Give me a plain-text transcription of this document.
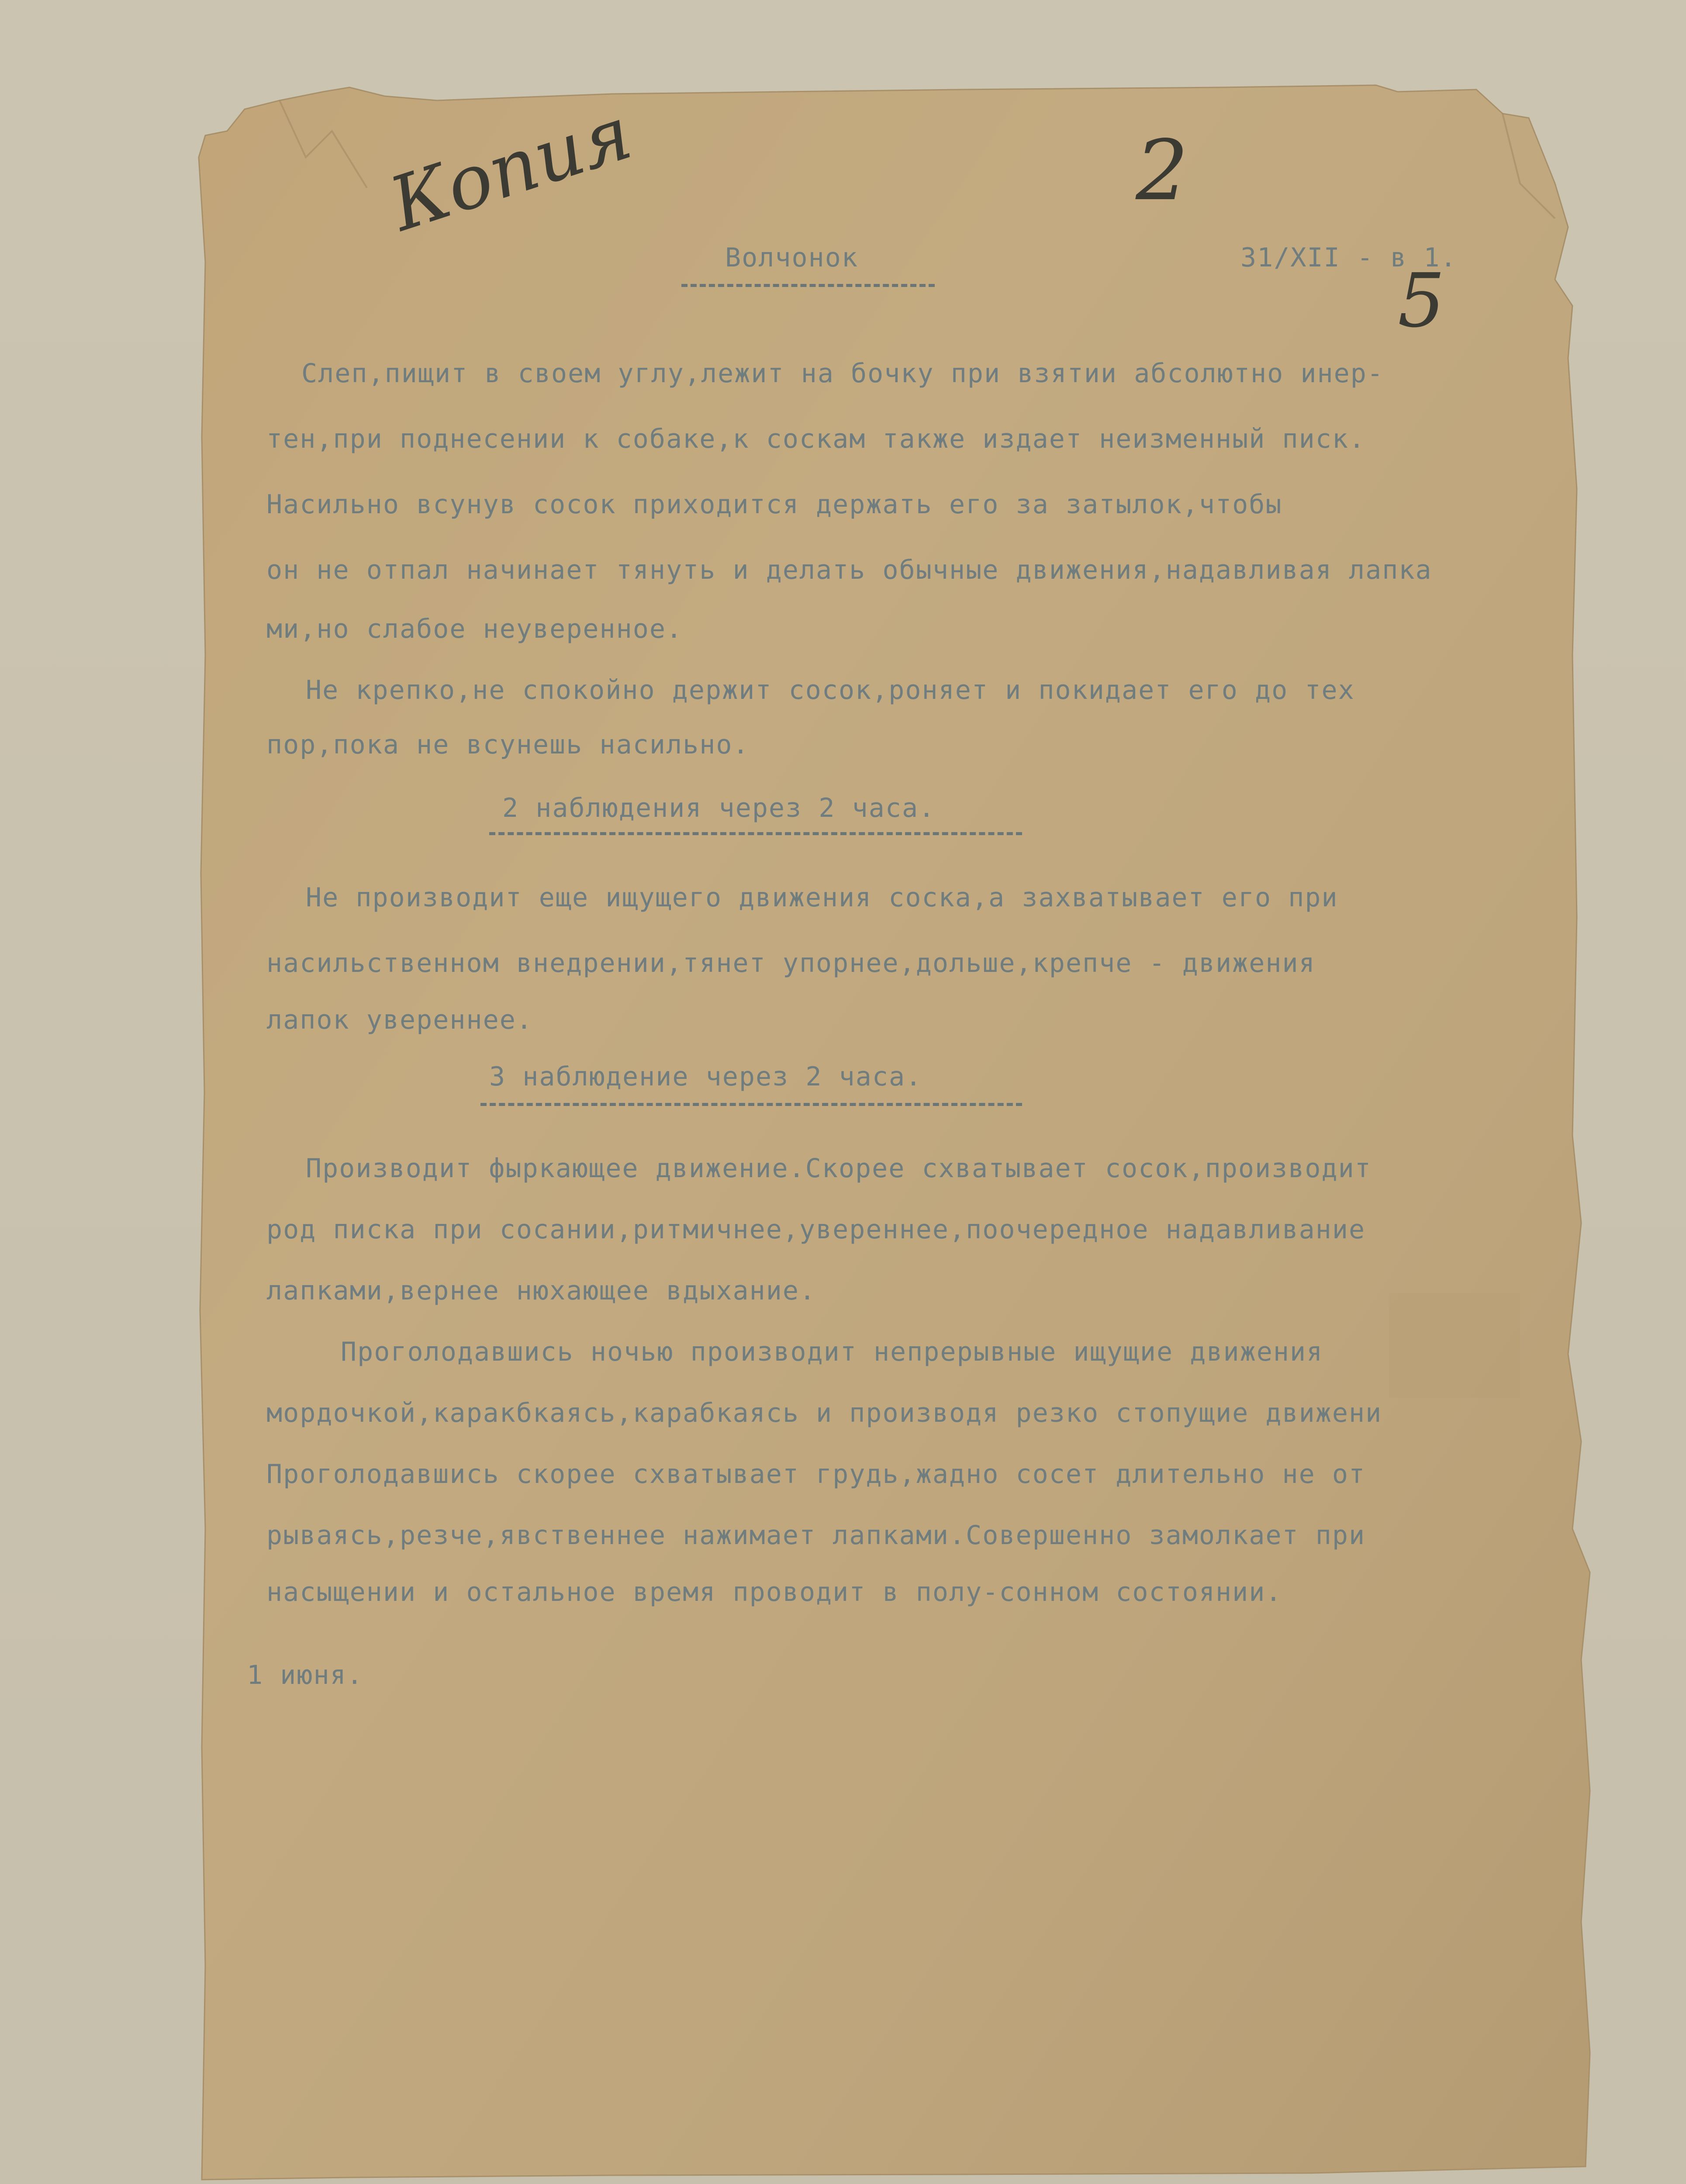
Копия	2
5
Волчонок	31/XII - в 1.
Слеп,пищит в своем углу,лежит на бочку при взятии абсолютно инер-
тен,при поднесении к собаке,к соскам также издает неизменный писк.
Насильно всунув сосок приходится держать его за затылок,чтобы
он не отпал начинает тянуть и делать обычные движения,надавливая лапка
ми,но слабое неуверенное.
Не крепко,не спокойно держит сосок,роняет и покидает его до тех
пор,пока не всунешь насильно.
2 наблюдения через 2 часа.
Не производит еще ищущего движения соска,а захватывает его при
насильственном внедрении,тянет упорнее,дольше,крепче - движения
лапок увереннее.
3 наблюдение через 2 часа.
Производит фыркающее движение.Скорее схватывает сосок,производит
род писка при сосании,ритмичнее,увереннее,поочередное надавливание
лапками,вернее нюхающее вдыхание.
Проголодавшись ночью производит непрерывные ищущие движения
мордочкой,каракбкаясь,карабкаясь и производя резко стопущие движени
Проголодавшись скорее схватывает грудь,жадно сосет длительно не от
рываясь,резче,явственнее нажимает лапками.Совершенно замолкает при
насыщении и остальное время проводит в полу-сонном состоянии.
1 июня.
